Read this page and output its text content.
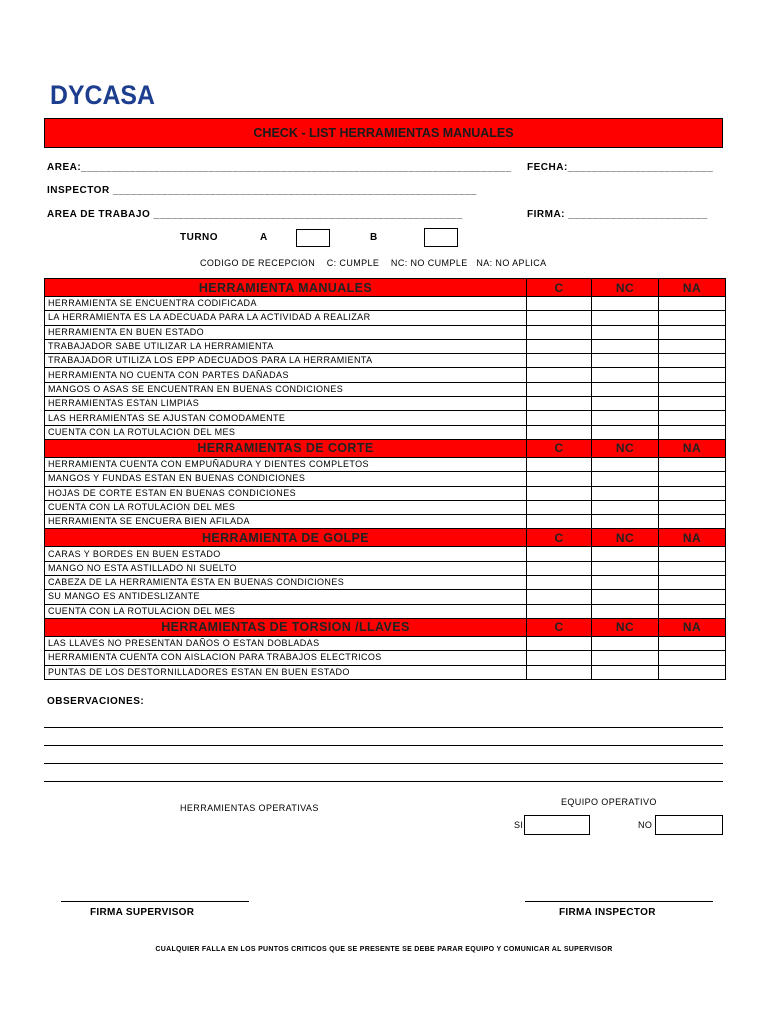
DYCASA
CHECK - LIST HERRAMIENTAS MANUALES
AREA:_______________________________________________________________________ FECHA:________________________
INSPECTOR ____________________________________________________________
AREA DE TRABAJO ___________________________________________________	FIRMA: _______________________
TURNO	A	B
CODIGO DE RECEPCION    C: CUMPLE    NC: NO CUMPLE   NA: NO APLICA
HERRAMIENTA MANUALES	C	NC	NA
HERRAMIENTA SE ENCUENTRA CODIFICADA			
LA HERRAMIENTA ES LA ADECUADA PARA LA ACTIVIDAD A REALIZAR			
HERRAMIENTA EN BUEN ESTADO			
TRABAJADOR SABE UTILIZAR LA HERRAMIENTA			
TRABAJADOR UTILIZA LOS EPP ADECUADOS PARA LA HERRAMIENTA			
HERRAMIENTA NO CUENTA CON PARTES DAÑADAS			
MANGOS O ASAS SE ENCUENTRAN EN BUENAS CONDICIONES			
HERRAMIENTAS ESTAN LIMPIAS			
LAS HERRAMIENTAS SE AJUSTAN COMODAMENTE			
CUENTA CON LA ROTULACION DEL MES			
HERRAMIENTAS DE CORTE	C	NC	NA
HERRAMIENTA CUENTA CON EMPUÑADURA Y DIENTES COMPLETOS			
MANGOS Y FUNDAS ESTAN EN BUENAS CONDICIONES			
HOJAS DE CORTE ESTAN EN BUENAS CONDICIONES			
CUENTA CON LA ROTULACION DEL MES			
HERRAMIENTA SE ENCUERA BIEN AFILADA			
HERRAMIENTA DE GOLPE	C	NC	NA
CARAS Y BORDES EN BUEN ESTADO			
MANGO NO ESTA ASTILLADO NI SUELTO			
CABEZA DE LA HERRAMIENTA ESTA EN BUENAS CONDICIONES			
SU MANGO ES ANTIDESLIZANTE			
CUENTA CON LA ROTULACION DEL MES			
HERRAMIENTAS DE TORSION /LLAVES	C	NC	NA
LAS LLAVES NO PRESENTAN DAÑOS O ESTAN DOBLADAS			
HERRAMIENTA CUENTA CON AISLACION PARA TRABAJOS ELECTRICOS			
PUNTAS DE LOS DESTORNILLADORES ESTAN EN BUEN ESTADO			
OBSERVACIONES:
HERRAMIENTAS OPERATIVAS
EQUIPO OPERATIVO
SI	NO
FIRMA SUPERVISOR	FIRMA INSPECTOR
CUALQUIER FALLA EN LOS PUNTOS CRITICOS QUE SE PRESENTE SE DEBE PARAR EQUIPO Y COMUNICAR AL SUPERVISOR
